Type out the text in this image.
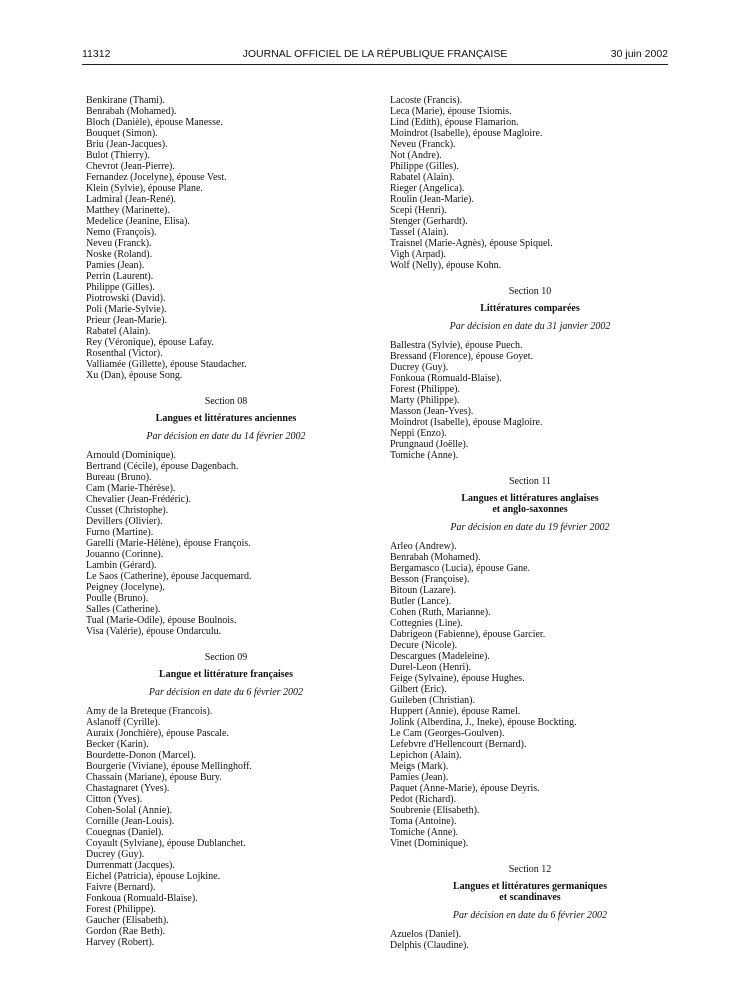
11312	JOURNAL OFFICIEL DE LA RÉPUBLIQUE FRANÇAISE	30 juin 2002
Benkirane (Thami).
Benrabah (Mohamed).
Bloch (Danièle), épouse Manesse.
Bouquet (Simon).
Briu (Jean-Jacques).
Bulot (Thierry).
Chevrot (Jean-Pierre).
Fernandez (Jocelyne), épouse Vest.
Klein (Sylvie), épouse Plane.
Ladmiral (Jean-René).
Matthey (Marinette).
Medelice (Jeanine, Elisa).
Nemo (François).
Neveu (Franck).
Noske (Roland).
Pamies (Jean).
Perrin (Laurent).
Philippe (Gilles).
Piotrowski (David).
Poli (Marie-Sylvie).
Prieur (Jean-Marie).
Rabatel (Alain).
Rey (Véronique), épouse Lafay.
Rosenthal (Victor).
Valliamée (Gillette), épouse Staudacher.
Xu (Dan), épouse Song.
Section 08
Langues et littératures anciennes
Par décision en date du 14 février 2002
Arnould (Dominique).
Bertrand (Cécile), épouse Dagenbach.
Bureau (Bruno).
Cam (Marie-Thérèse).
Chevalier (Jean-Frédéric).
Cusset (Christophe).
Devillers (Olivier).
Furno (Martine).
Garelli (Marie-Hélène), épouse François.
Jouanno (Corinne).
Lambin (Gérard).
Le Saos (Catherine), épouse Jacquemard.
Peigney (Jocelyne).
Poulle (Bruno).
Salles (Catherine).
Tual (Marie-Odile), épouse Boulnois.
Visa (Valérie), épouse Ondarculu.
Section 09
Langue et littérature françaises
Par décision en date du 6 février 2002
Amy de la Breteque (Francois).
Aslanoff (Cyrille).
Auraix (Jonchière), épouse Pascale.
Becker (Karin).
Bourdette-Donon (Marcel).
Bourgerie (Viviane), épouse Mellinghoff.
Chassain (Mariane), épouse Bury.
Chastagnaret (Yves).
Citton (Yves).
Cohen-Solal (Annie).
Cornille (Jean-Louis).
Couegnas (Daniel).
Coyault (Sylviane), épouse Dublanchet.
Ducrey (Guy).
Durrenmatt (Jacques).
Eichel (Patricia), épouse Lojkine.
Faivre (Bernard).
Fonkoua (Romuald-Blaise).
Forest (Philippe).
Gaucher (Elisabeth).
Gordon (Rae Beth).
Harvey (Robert).
Lacoste (Francis).
Leca (Marie), épouse Tsiomis.
Lind (Edith), épouse Flamarion.
Moindrot (Isabelle), épouse Magloire.
Neveu (Franck).
Not (Andre).
Philippe (Gilles).
Rabatel (Alain).
Rieger (Angelica).
Roulin (Jean-Marie).
Scepi (Henri).
Stenger (Gerhardt).
Tassel (Alain).
Traisnel (Marie-Agnès), épouse Spiquel.
Vigh (Arpad).
Wolf (Nelly), épouse Kohn.
Section 10
Littératures comparées
Par décision en date du 31 janvier 2002
Ballestra (Sylvie), épouse Puech.
Bressand (Florence), épouse Goyet.
Ducrey (Guy).
Fonkoua (Romuald-Blaise).
Forest (Philippe).
Marty (Philippe).
Masson (Jean-Yves).
Moindrot (Isabelle), épouse Magloire.
Neppi (Enzo).
Prungnaud (Joëlle).
Tomiche (Anne).
Section 11
Langues et littératures anglaises
et anglo-saxonnes
Par décision en date du 19 février 2002
Arleo (Andrew).
Benrabah (Mohamed).
Bergamasco (Lucia), épouse Gane.
Besson (Françoise).
Bitoun (Lazare).
Butler (Lance).
Cohen (Ruth, Marianne).
Cottegnies (Line).
Dabrigeon (Fabienne), épouse Garcier.
Decure (Nicole).
Descargues (Madeleine).
Durel-Leon (Henri).
Feige (Sylvaine), épouse Hughes.
Gilbert (Eric).
Guileben (Christian).
Huppert (Annie), épouse Ramel.
Jolink (Alberdina, J., Ineke), épouse Bockting.
Le Cam (Georges-Goulven).
Lefebvre d'Hellencourt (Bernard).
Lepichon (Alain).
Meigs (Mark).
Pamies (Jean).
Paquet (Anne-Marie), épouse Deyris.
Pedot (Richard).
Soubrenie (Elisabeth).
Toma (Antoine).
Tomiche (Anne).
Vinet (Dominique).
Section 12
Langues et littératures germaniques
et scandinaves
Par décision en date du 6 février 2002
Azuelos (Daniel).
Delphis (Claudine).
